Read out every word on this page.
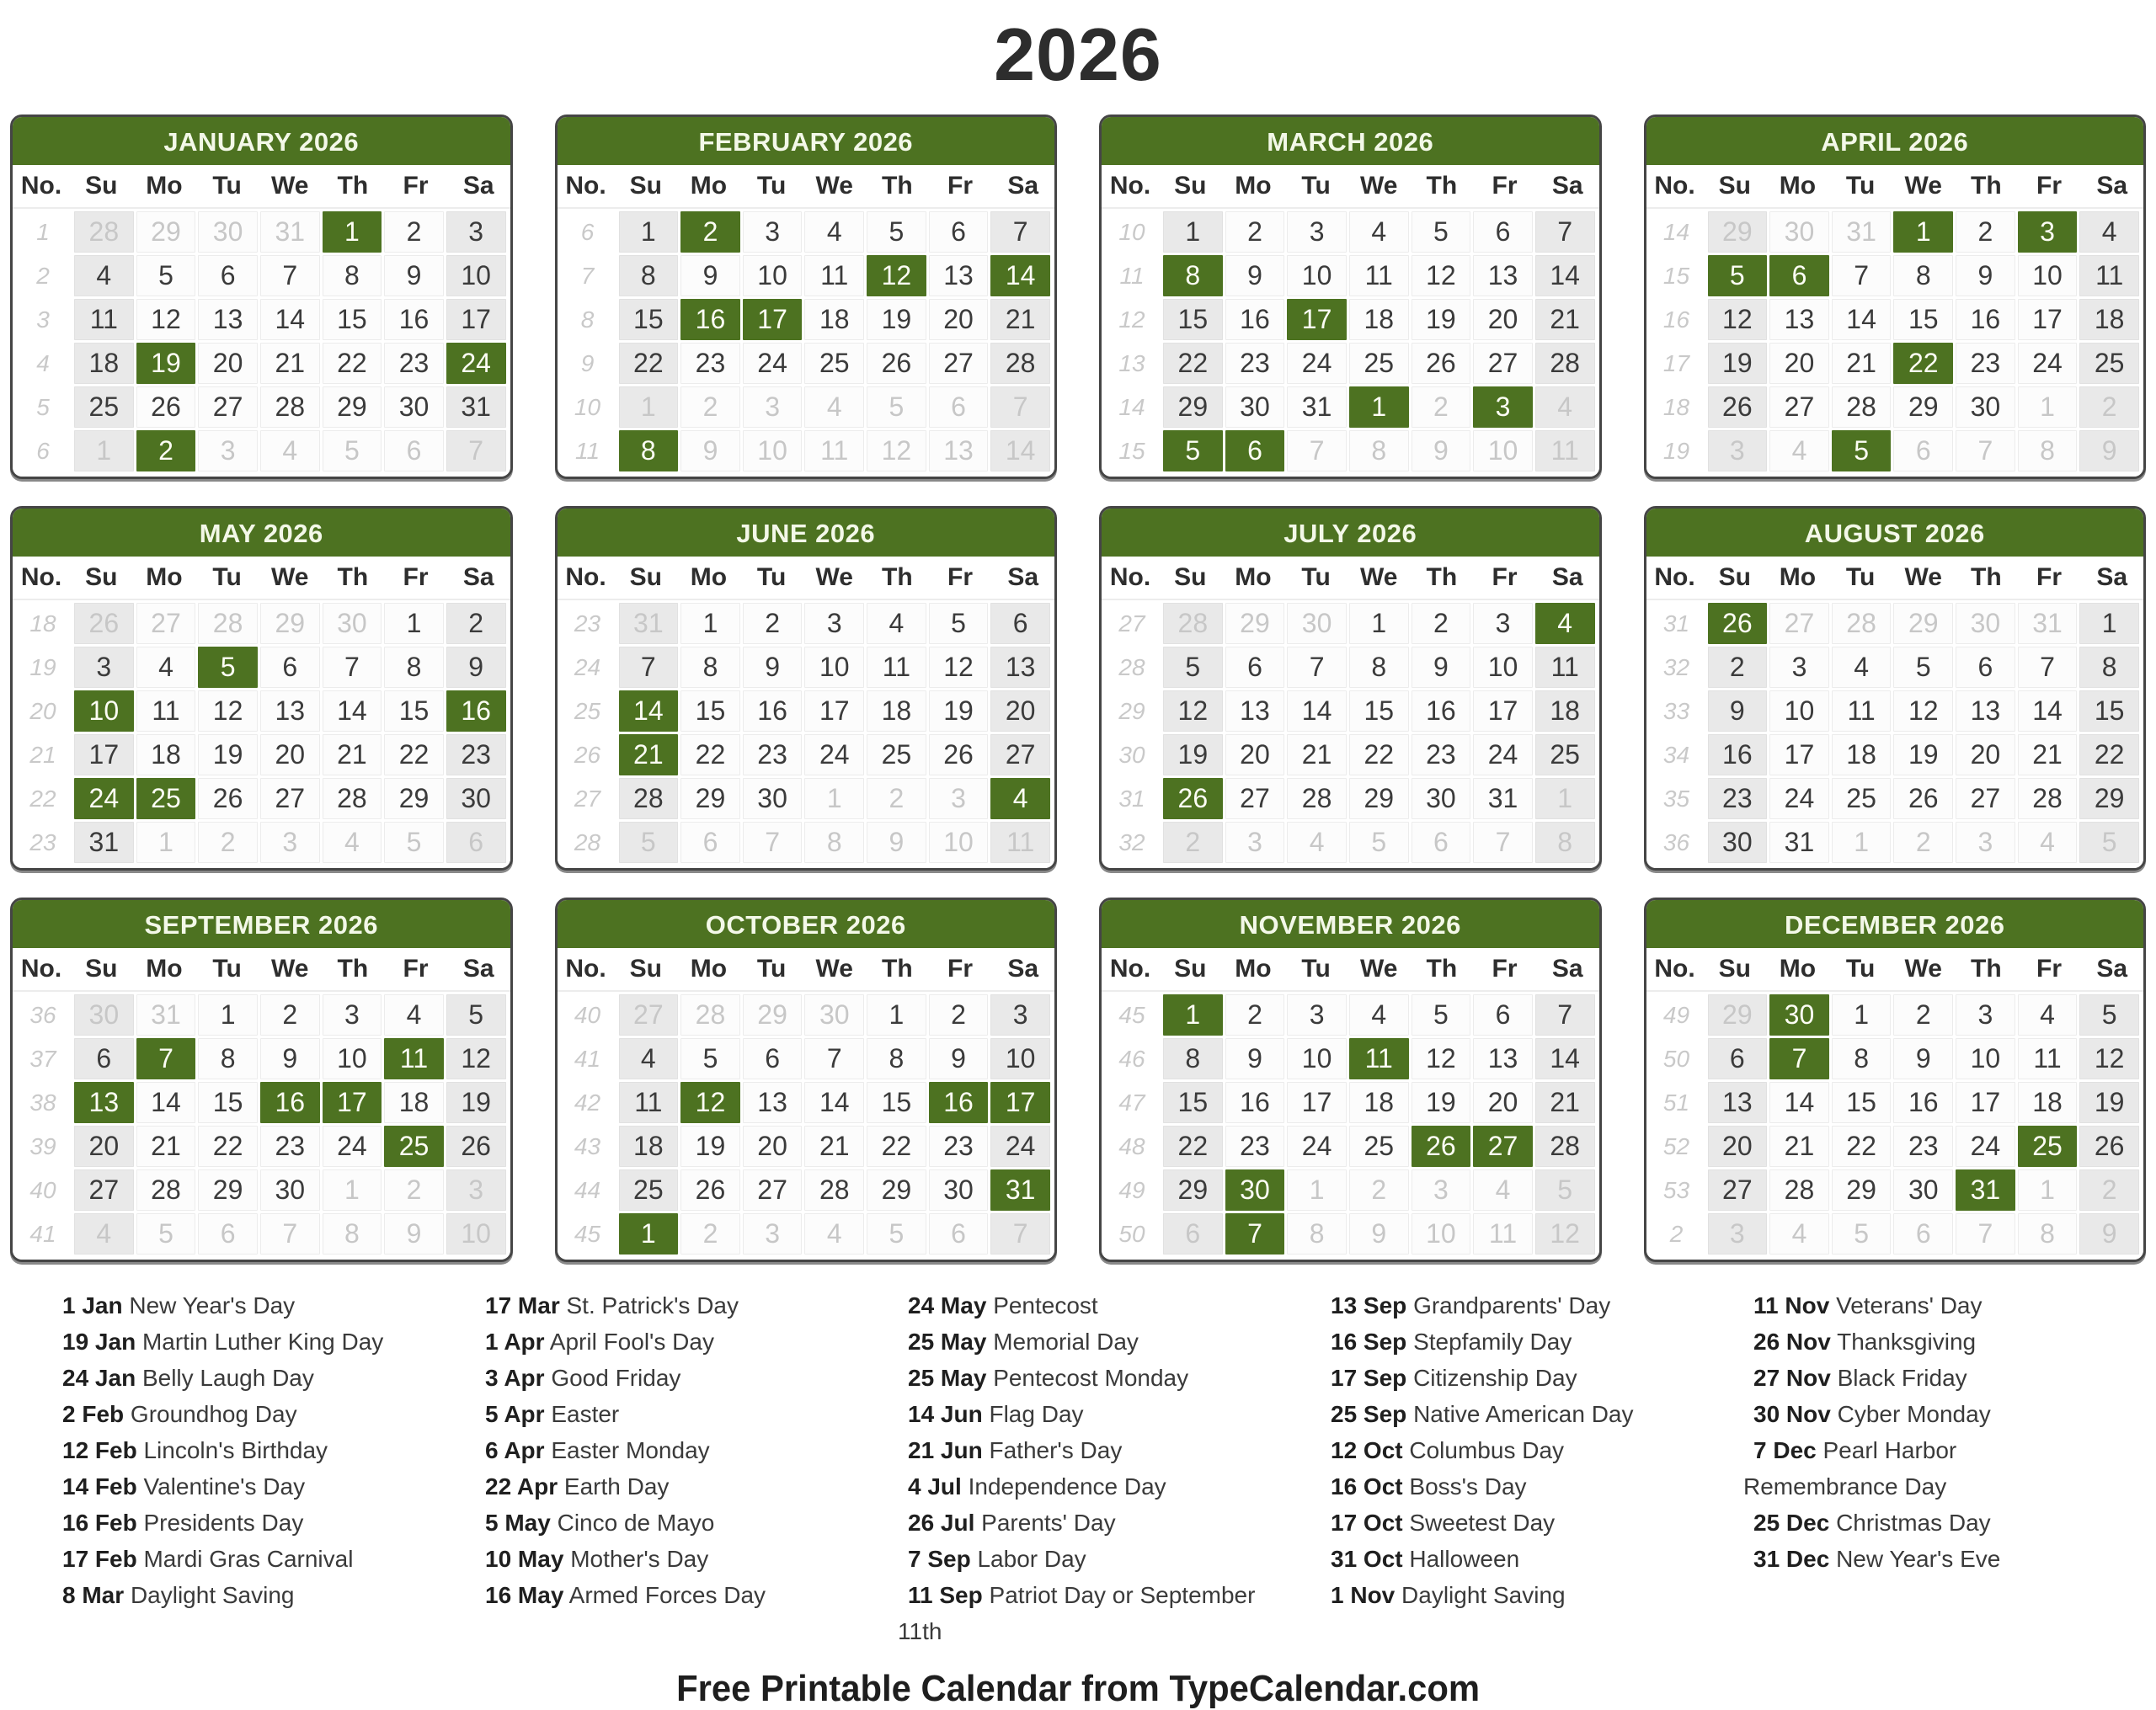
2026
JANUARY 2026
No. Su	Mo	Tu	We	Th	Fr	Sa
1	28	29	30	31	1	2	3
2	4	5	6	7	8	9	10
3	11	12	13	14	15	16	17
4	18	19	20	21	22	23	24
5	25	26	27	28	29	30	31
6	1	2	3	4	5	6	7
FEBRUARY 2026
No. Su	Mo	Tu	We	Th	Fr	Sa
6	1	2	3	4	5	6	7
7	8	9	10	11	12	13	14
8	15	16	17	18	19	20	21
9	22	23	24	25	26	27	28
10	1	2	3	4	5	6	7
11	8	9	10	11	12	13	14
MARCH 2026
No. Su	Mo	Tu	We	Th	Fr	Sa
10	1	2	3	4	5	6	7
11	8	9	10	11	12	13	14
12	15	16	17	18	19	20	21
13	22	23	24	25	26	27	28
14	29	30	31	1	2	3	4
15	5	6	7	8	9	10	11
APRIL 2026
No. Su	Mo	Tu	We	Th	Fr	Sa
14	29	30	31	1	2	3	4
15	5	6	7	8	9	10	11
16	12	13	14	15	16	17	18
17	19	20	21	22	23	24	25
18	26	27	28	29	30	1	2
19	3	4	5	6	7	8	9
MAY 2026
No. Su	Mo	Tu	We	Th	Fr	Sa
18	26	27	28	29	30	1	2
19	3	4	5	6	7	8	9
20	10	11	12	13	14	15	16
21	17	18	19	20	21	22	23
22	24	25	26	27	28	29	30
23	31	1	2	3	4	5	6
JUNE 2026
No. Su	Mo	Tu	We	Th	Fr	Sa
23	31	1	2	3	4	5	6
24	7	8	9	10	11	12	13
25	14	15	16	17	18	19	20
26	21	22	23	24	25	26	27
27	28	29	30	1	2	3	4
28	5	6	7	8	9	10	11
JULY 2026
No. Su	Mo	Tu	We	Th	Fr	Sa
27	28	29	30	1	2	3	4
28	5	6	7	8	9	10	11
29	12	13	14	15	16	17	18
30	19	20	21	22	23	24	25
31	26	27	28	29	30	31	1
32	2	3	4	5	6	7	8
AUGUST 2026
No. Su	Mo	Tu	We	Th	Fr	Sa
31	26	27	28	29	30	31	1
32	2	3	4	5	6	7	8
33	9	10	11	12	13	14	15
34	16	17	18	19	20	21	22
35	23	24	25	26	27	28	29
36	30	31	1	2	3	4	5
SEPTEMBER 2026
No. Su	Mo	Tu	We	Th	Fr	Sa
36	30	31	1	2	3	4	5
37	6	7	8	9	10	11	12
38	13	14	15	16	17	18	19
39	20	21	22	23	24	25	26
40	27	28	29	30	1	2	3
41	4	5	6	7	8	9	10
OCTOBER 2026
No. Su	Mo	Tu	We	Th	Fr	Sa
40	27	28	29	30	1	2	3
41	4	5	6	7	8	9	10
42	11	12	13	14	15	16	17
43	18	19	20	21	22	23	24
44	25	26	27	28	29	30	31
45	1	2	3	4	5	6	7
NOVEMBER 2026
No. Su	Mo	Tu	We	Th	Fr	Sa
45	1	2	3	4	5	6	7
46	8	9	10	11	12	13	14
47	15	16	17	18	19	20	21
48	22	23	24	25	26	27	28
49	29	30	1	2	3	4	5
50	6	7	8	9	10	11	12
DECEMBER 2026
No. Su	Mo	Tu	We	Th	Fr	Sa
49	29	30	1	2	3	4	5
50	6	7	8	9	10	11	12
51	13	14	15	16	17	18	19
52	20	21	22	23	24	25	26
53	27	28	29	30	31	1	2
2	3	4	5	6	7	8	9
1 Jan New Year's Day
19 Jan Martin Luther King Day
24 Jan Belly Laugh Day
2 Feb Groundhog Day
12 Feb Lincoln's Birthday
14 Feb Valentine's Day
16 Feb Presidents Day
17 Feb Mardi Gras Carnival
8 Mar Daylight Saving
17 Mar St. Patrick's Day
1 Apr April Fool's Day
3 Apr Good Friday
5 Apr Easter
6 Apr Easter Monday
22 Apr Earth Day
5 May Cinco de Mayo
10 May Mother's Day
16 May Armed Forces Day
24 May Pentecost
25 May Memorial Day
25 May Pentecost Monday
14 Jun Flag Day
21 Jun Father's Day
4 Jul Independence Day
26 Jul Parents' Day
7 Sep Labor Day
11 Sep Patriot Day or September 11th
13 Sep Grandparents' Day
16 Sep Stepfamily Day
17 Sep Citizenship Day
25 Sep Native American Day
12 Oct Columbus Day
16 Oct Boss's Day
17 Oct Sweetest Day
31 Oct Halloween
1 Nov Daylight Saving
11 Nov Veterans' Day
26 Nov Thanksgiving
27 Nov Black Friday
30 Nov Cyber Monday
7 Dec Pearl Harbor Remembrance Day
25 Dec Christmas Day
31 Dec New Year's Eve
Free Printable Calendar from TypeCalendar.com
